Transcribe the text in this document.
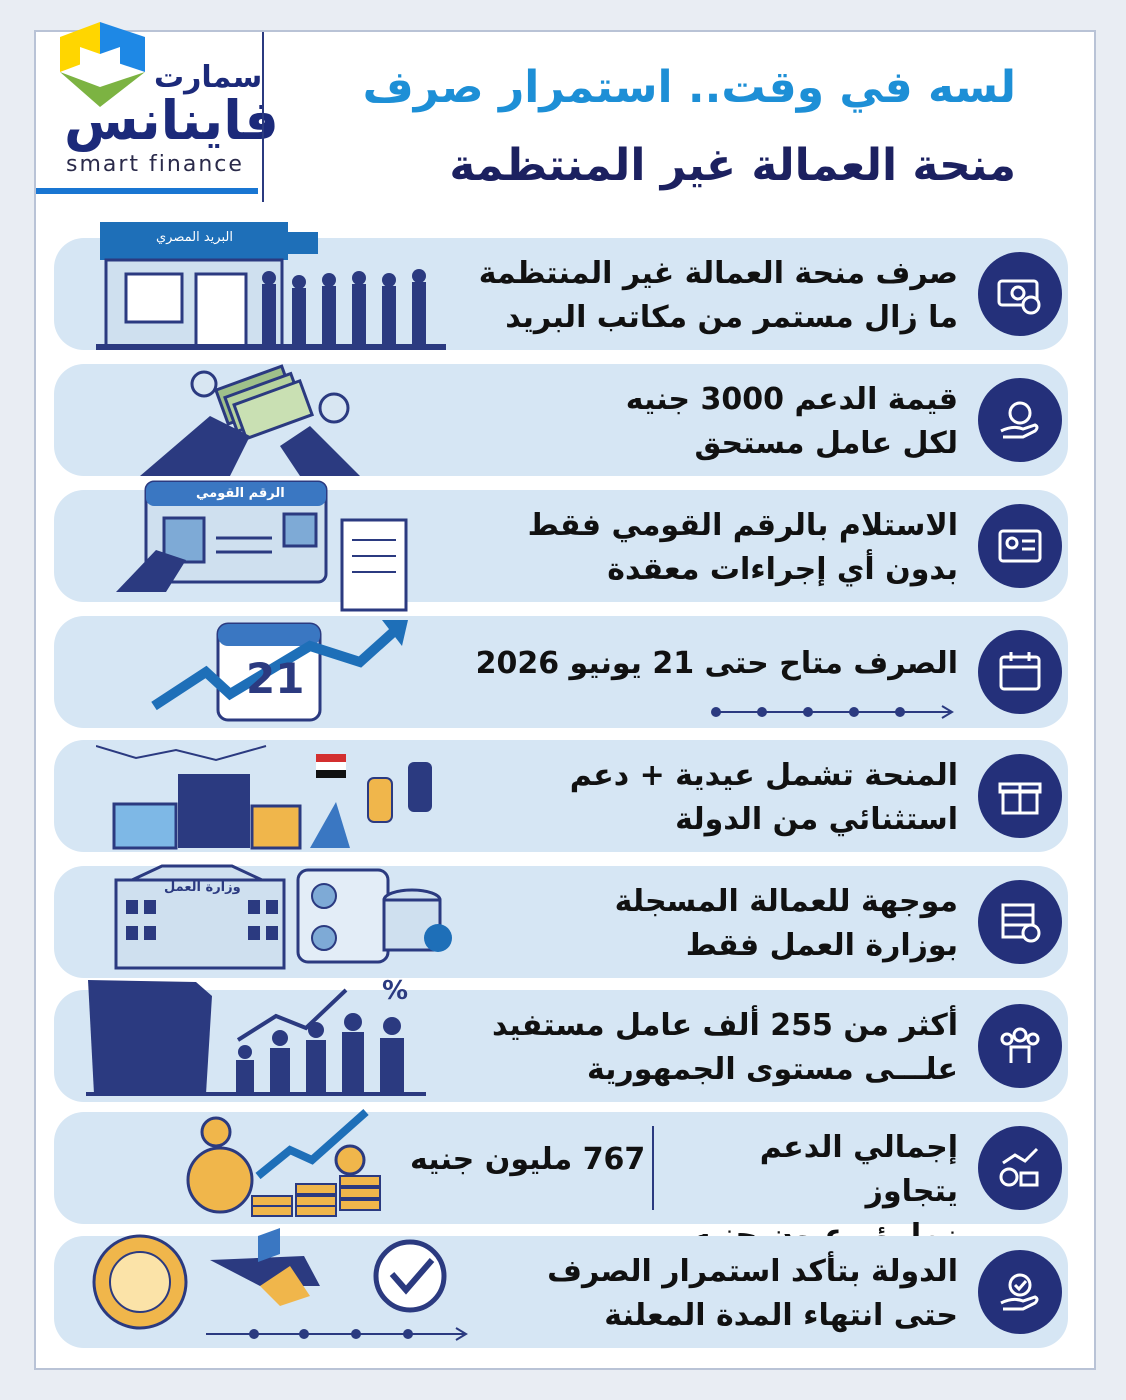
سمارت
فاينانس
smart finance
لسه في وقت.. استمرار صرف
منحة العمالة غير المنتظمة
صرف منحة العمالة غير المنتظمة
ما زال مستمر من مكاتب البريد
البريد المصري
قيمة الدعم 3000 جنيه
لكل عامل مستحق
الاستلام بالرقم القومي فقط
بدون أي إجراءات معقدة
الرقم القومي
الصرف متاح حتى 21 يونيو 2026
21
المنحة تشمل عيدية + دعم
استثنائي من الدولة
موجهة للعمالة المسجلة
بوزارة العمل فقط
وزارة العمل
أكثر من 255 ألف عامل مستفيد
علـــى مستوى الجمهورية
%
إجمالي الدعم يتجاوز
767 مليون جنيه
الدولة بتأكد استمرار الصرف
حتى انتهاء المدة المعلنة
